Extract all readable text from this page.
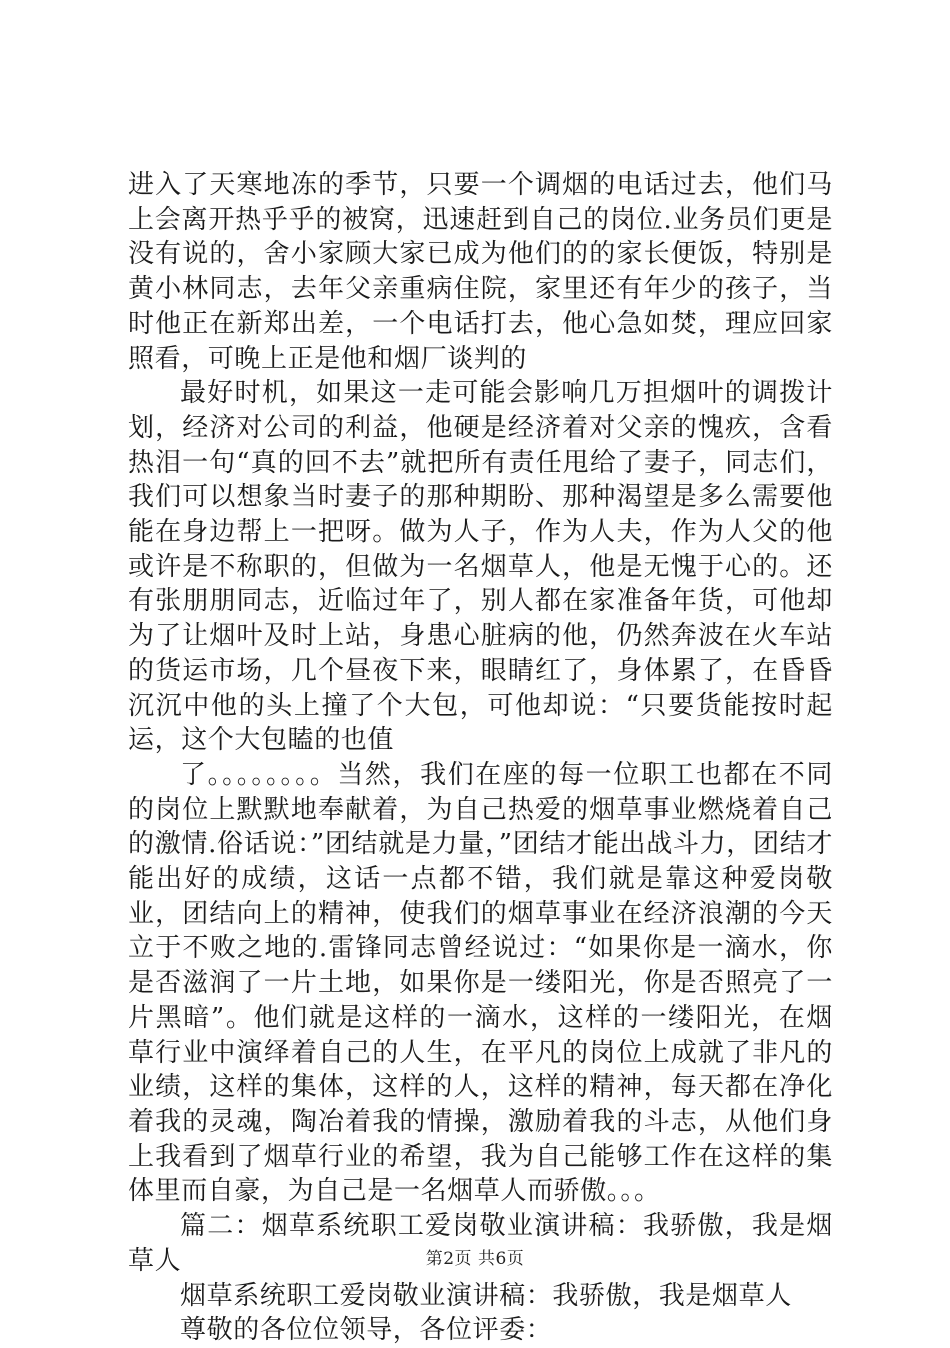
进入了天寒地冻的季节，只要一个调烟的电话过去，他们马上会离开热乎乎的被窝，迅速赶到自己的岗位.业务员们更是没有说的，舍小家顾大家已成为他们的的家长便饭，特别是黄小林同志，去年父亲重病住院，家里还有年少的孩子，当时他正在新郑出差，一个电话打去，他心急如焚，理应回家照看，可晚上正是他和烟厂谈判的

最好时机，如果这一走可能会影响几万担烟叶的调拨计划，经济对公司的利益，他硬是经济着对父亲的愧疚，含看热泪一句“真的回不去”就把所有责任甩给了妻子，同志们，我们可以想象当时妻子的那种期盼、那种渴望是多么需要他能在身边帮上一把呀。做为人子，作为人夫，作为人父的他或许是不称职的，但做为一名烟草人，他是无愧于心的。还有张朋朋同志，近临过年了，别人都在家准备年货，可他却为了让烟叶及时上站，身患心脏病的他，仍然奔波在火车站的货运市场，几个昼夜下来，眼睛红了，身体累了，在昏昏沉沉中他的头上撞了个大包，可他却说：“只要货能按时起运，这个大包瞌的也值

了。。。。。。。。当然，我们在座的每一位职工也都在不同的岗位上默默地奉献着，为自己热爱的烟草事业燃烧着自己的激情.俗话说：”团结就是力量，”团结才能出战斗力，团结才能出好的成绩，这话一点都不错，我们就是靠这种爱岗敬业，团结向上的精神，使我们的烟草事业在经济浪潮的今天立于不败之地的.雷锋同志曾经说过：“如果你是一滴水，你是否滋润了一片土地，如果你是一缕阳光，你是否照亮了一片黑暗”。他们就是这样的一滴水，这样的一缕阳光，在烟草行业中演绎着自己的人生，在平凡的岗位上成就了非凡的业绩，这样的集体，这样的人，这样的精神，每天都在净化着我的灵魂，陶冶着我的情操，激励着我的斗志，从他们身上我看到了烟草行业的希望，我为自己能够工作在这样的集体里而自豪，为自己是一名烟草人而骄傲。。。

篇二：烟草系统职工爱岗敬业演讲稿：我骄傲，我是烟草人

烟草系统职工爱岗敬业演讲稿：我骄傲，我是烟草人

尊敬的各位位领导，各位评委：

第2页 共6页
